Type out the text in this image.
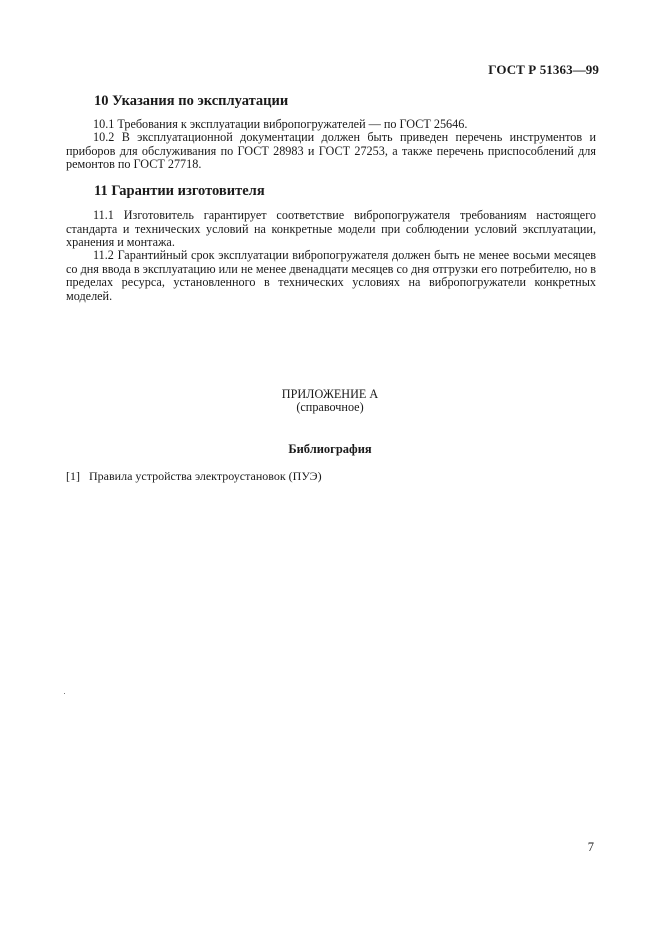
ГОСТ Р 51363—99
10 Указания по эксплуатации
10.1 Требования к эксплуатации вибропогружателей — по ГОСТ 25646.
10.2 В эксплуатационной документации должен быть приведен перечень инструментов и приборов для обслуживания по ГОСТ 28983 и ГОСТ 27253, а также перечень приспособлений для ремонтов по ГОСТ 27718.
11 Гарантии изготовителя
11.1 Изготовитель гарантирует соответствие вибропогружателя требованиям настоящего стандарта и технических условий на конкретные модели при соблюдении условий эксплуатации, хранения и монтажа.
11.2 Гарантийный срок эксплуатации вибропогружателя должен быть не менее восьми месяцев со дня ввода в эксплуатацию или не менее двенадцати месяцев со дня отгрузки его потребителю, но в пределах ресурса, установленного в технических условиях на вибропогружатели конкретных моделей.
ПРИЛОЖЕНИЕ А
(справочное)
Библиография
[1] Правила устройства электроустановок (ПУЭ)
7
